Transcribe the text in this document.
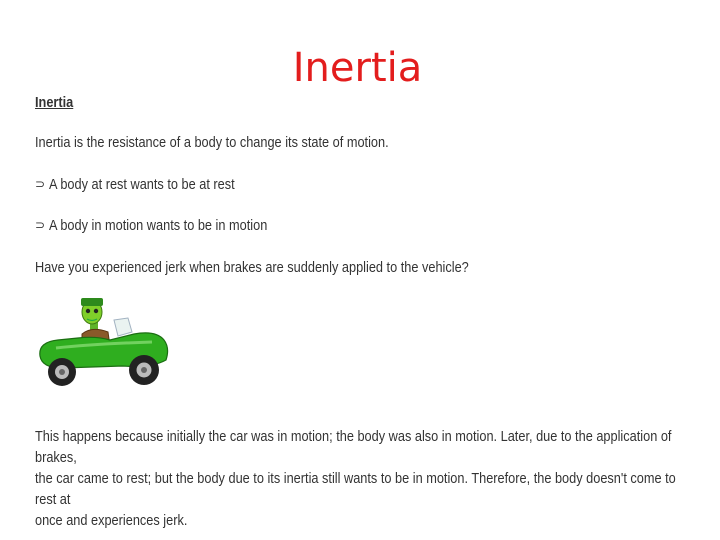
Inertia
Inertia
Inertia is the resistance of a body to change its state of motion.
⊃ A body at rest wants to be at rest
⊃ A body in motion wants to be in motion
Have you experienced jerk when brakes are suddenly applied to the vehicle?
This happens because initially the car was in motion; the body was also in motion. Later, due to the application of brakes,
the car came to rest; but the body due to its inertia still wants to be in motion. Therefore, the body doesn't come to rest at
once and experiences jerk.
